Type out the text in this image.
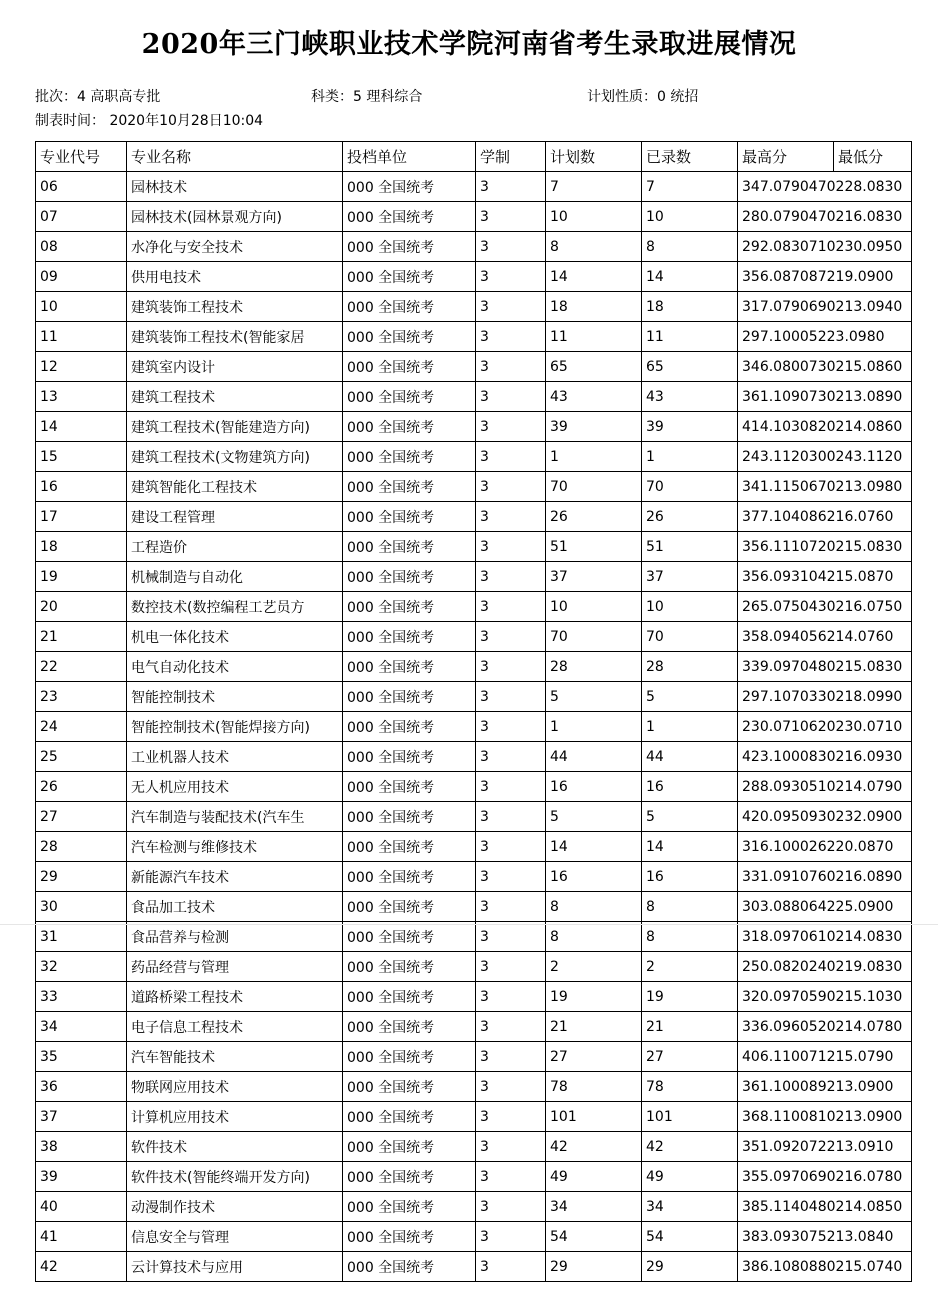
2020年三门峡职业技术学院河南省考生录取进展情况
批次：4 高职高专批	科类：5 理科综合	计划性质：0 统招
制表时间： 2020年10月28日10:04
专业代号	专业名称	投档单位	学制	计划数	已录数	最高分	最低分
06	园林技术	000 全国统考	3	7	7	347.0790470228.0830	
07	园林技术(园林景观方向)	000 全国统考	3	10	10	280.0790470216.0830	
08	水净化与安全技术	000 全国统考	3	8	8	292.0830710230.0950	
09	供用电技术	000 全国统考	3	14	14	356.087087219.0900	
10	建筑装饰工程技术	000 全国统考	3	18	18	317.0790690213.0940	
11	建筑装饰工程技术(智能家居	000 全国统考	3	11	11	297.10005223.0980	
12	建筑室内设计	000 全国统考	3	65	65	346.0800730215.0860	
13	建筑工程技术	000 全国统考	3	43	43	361.1090730213.0890	
14	建筑工程技术(智能建造方向)	000 全国统考	3	39	39	414.1030820214.0860	
15	建筑工程技术(文物建筑方向)	000 全国统考	3	1	1	243.1120300243.1120	
16	建筑智能化工程技术	000 全国统考	3	70	70	341.1150670213.0980	
17	建设工程管理	000 全国统考	3	26	26	377.104086216.0760	
18	工程造价	000 全国统考	3	51	51	356.1110720215.0830	
19	机械制造与自动化	000 全国统考	3	37	37	356.093104215.0870	
20	数控技术(数控编程工艺员方	000 全国统考	3	10	10	265.0750430216.0750	
21	机电一体化技术	000 全国统考	3	70	70	358.094056214.0760	
22	电气自动化技术	000 全国统考	3	28	28	339.0970480215.0830	
23	智能控制技术	000 全国统考	3	5	5	297.1070330218.0990	
24	智能控制技术(智能焊接方向)	000 全国统考	3	1	1	230.0710620230.0710	
25	工业机器人技术	000 全国统考	3	44	44	423.1000830216.0930	
26	无人机应用技术	000 全国统考	3	16	16	288.0930510214.0790	
27	汽车制造与装配技术(汽车生	000 全国统考	3	5	5	420.0950930232.0900	
28	汽车检测与维修技术	000 全国统考	3	14	14	316.100026220.0870	
29	新能源汽车技术	000 全国统考	3	16	16	331.0910760216.0890	
30	食品加工技术	000 全国统考	3	8	8	303.088064225.0900	
31	食品营养与检测	000 全国统考	3	8	8	318.0970610214.0830	
32	药品经营与管理	000 全国统考	3	2	2	250.0820240219.0830	
33	道路桥梁工程技术	000 全国统考	3	19	19	320.0970590215.1030	
34	电子信息工程技术	000 全国统考	3	21	21	336.0960520214.0780	
35	汽车智能技术	000 全国统考	3	27	27	406.110071215.0790	
36	物联网应用技术	000 全国统考	3	78	78	361.100089213.0900	
37	计算机应用技术	000 全国统考	3	101	101	368.1100810213.0900	
38	软件技术	000 全国统考	3	42	42	351.092072213.0910	
39	软件技术(智能终端开发方向)	000 全国统考	3	49	49	355.0970690216.0780	
40	动漫制作技术	000 全国统考	3	34	34	385.1140480214.0850	
41	信息安全与管理	000 全国统考	3	54	54	383.093075213.0840	
42	云计算技术与应用	000 全国统考	3	29	29	386.1080880215.0740	
